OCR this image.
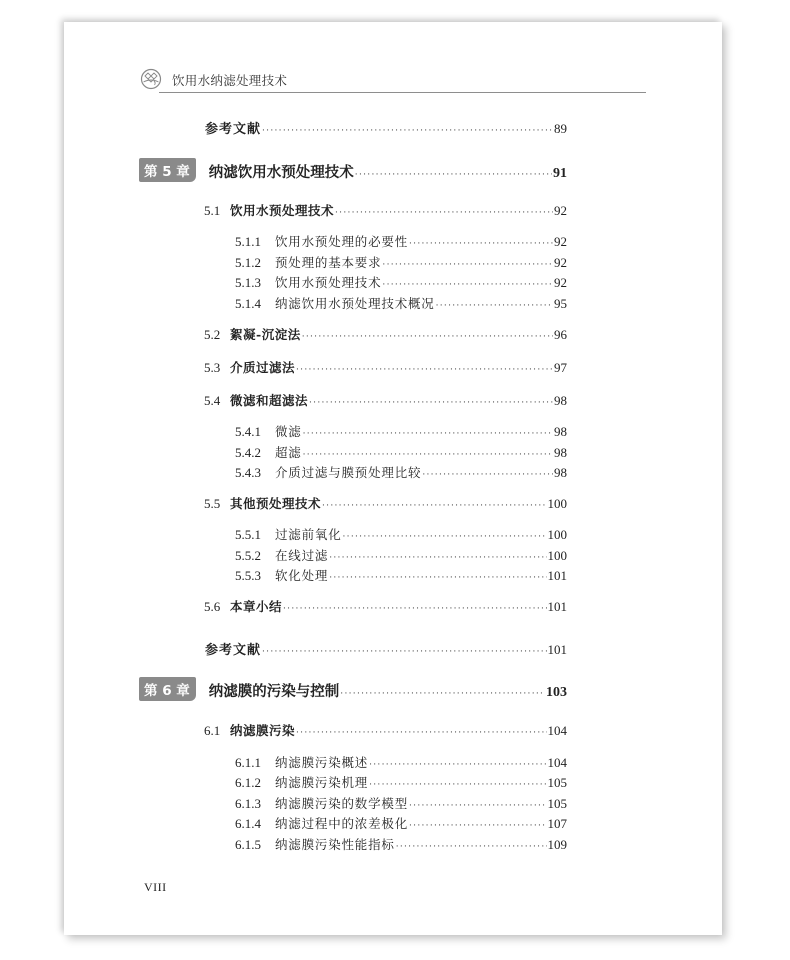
饮用水纳滤处理技术
参考文献 ·····	89
第 5 章	纳滤饮用水预处理技术 ·····	91
5.1 饮用水预处理技术 ·····	92
5.1.1	饮用水预处理的必要性 ·····	92
5.1.2	预处理的基本要求 ·····	92
5.1.3	饮用水预处理技术 ·····	92
5.1.4	纳滤饮用水预处理技术概况 ·····	95
5.2 絮凝-沉淀法 ·····	96
5.3 介质过滤法 ·····	97
5.4 微滤和超滤法 ·····	98
5.4.1	微滤 ·····	98
5.4.2	超滤 ·····	98
5.4.3	介质过滤与膜预处理比较 ·····	98
5.5 其他预处理技术 ·····	100
5.5.1	过滤前氧化 ·····	100
5.5.2	在线过滤 ·····	100
5.5.3	软化处理 ·····	101
5.6 本章小结 ·····	101
参考文献 ·····	101
第 6 章	纳滤膜的污染与控制 ·····	103
6.1 纳滤膜污染 ·····	104
6.1.1	纳滤膜污染概述 ·····	104
6.1.2	纳滤膜污染机理 ·····	105
6.1.3	纳滤膜污染的数学模型 ·····	105
6.1.4	纳滤过程中的浓差极化 ·····	107
6.1.5	纳滤膜污染性能指标 ·····	109
VIII
